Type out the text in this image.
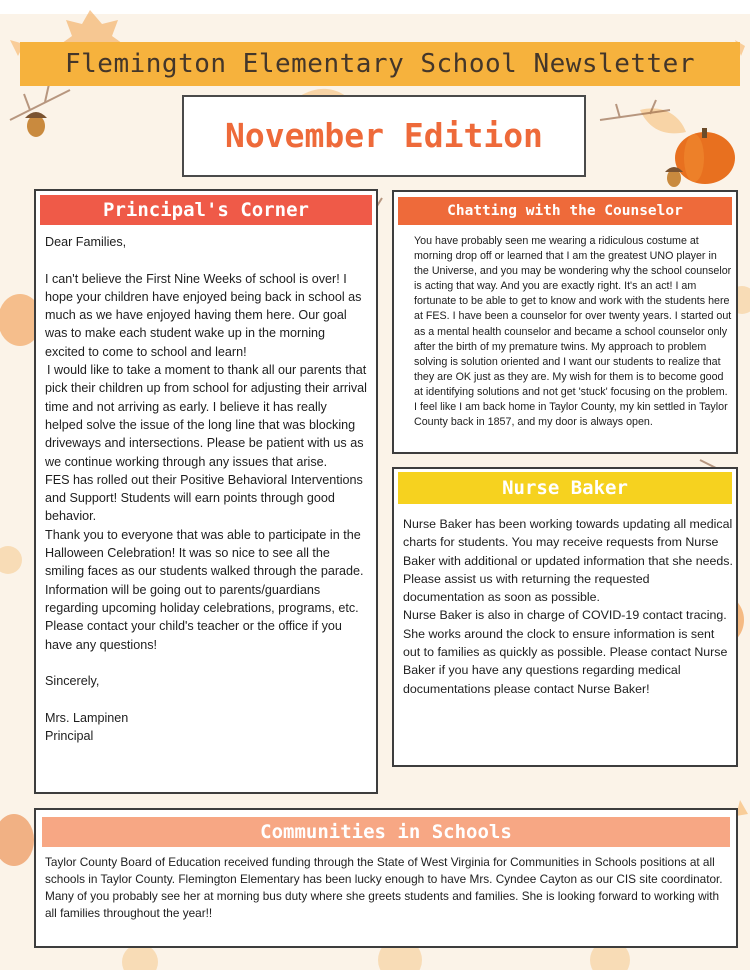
Flemington Elementary School Newsletter
November Edition
Principal's Corner

Dear Families,

I can't believe the First Nine Weeks of school is over! I hope your children have enjoyed being back in school as much as we have enjoyed having them here. Our goal was to make each student wake up in the morning excited to come to school and learn!

I would like to take a moment to thank all our parents that pick their children up from school for adjusting their arrival time and not arriving as early. I believe it has really helped solve the issue of the long line that was blocking driveways and intersections. Please be patient with us as we continue working through any issues that arise.

FES has rolled out their Positive Behavioral Interventions and Support! Students will earn points through good behavior.

Thank you to everyone that was able to participate in the Halloween Celebration! It was so nice to see all the smiling faces as our students walked through the parade.

Information will be going out to parents/guardians regarding upcoming holiday celebrations, programs, etc. Please contact your child's teacher or the office if you have any questions!

Sincerely,

Mrs. Lampinen

Principal

Chatting with the Counselor
You have probably seen me wearing a ridiculous costume at morning drop off or learned that I am the greatest UNO player in the Universe, and you may be wondering why the school counselor is acting that way. And you are exactly right. It's an act! I am fortunate to be able to get to know and work with the students here at FES. I have been a counselor for over twenty years. I started out as a mental health counselor and became a school counselor only after the birth of my premature twins. My approach to problem solving is solution oriented and I want our students to realize that they are OK just as they are. My wish for them is to become good at identifying solutions and not get 'stuck' focusing on the problem. I feel like I am back home in Taylor County, my kin settled in Taylor County back in 1857, and my door is always open.
Nurse Baker

Nurse Baker has been working towards updating all medical charts for students. You may receive requests from Nurse Baker with additional or updated information that she needs. Please assist us with returning the requested documentation as soon as possible.

Nurse Baker is also in charge of COVID-19 contact tracing. She works around the clock to ensure information is sent out to families as quickly as possible. Please contact Nurse Baker if you have any questions regarding medical documentations please contact Nurse Baker!

Communities in Schools
Taylor County Board of Education received funding through the State of West Virginia for Communities in Schools positions at all schools in Taylor County. Flemington Elementary has been lucky enough to have Mrs. Cyndee Cayton as our CIS site coordinator. Many of you probably see her at morning bus duty where she greets students and families. She is looking forward to working with all families throughout the year!!
